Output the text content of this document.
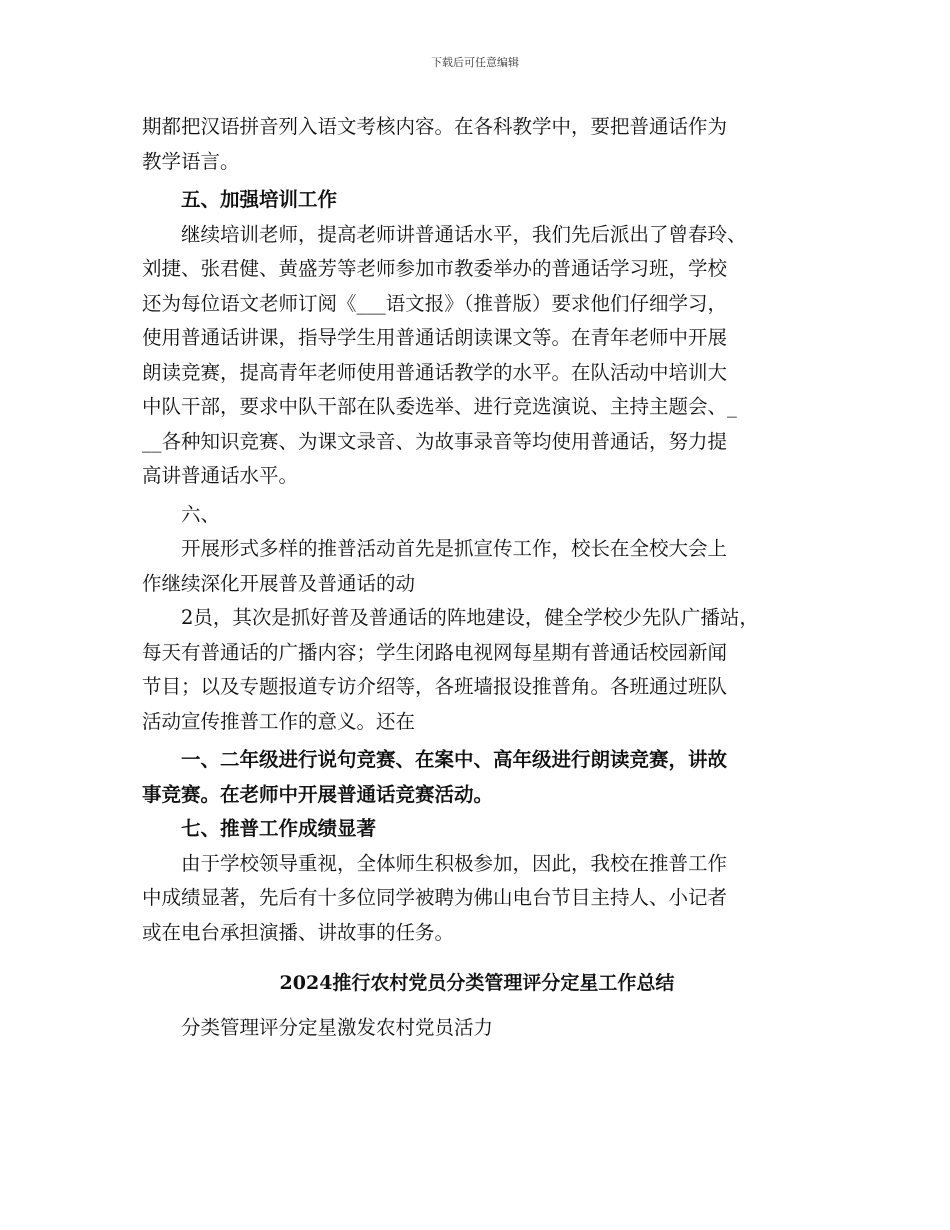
下载后可任意编辑

期都把汉语拼音列入语文考核内容。在各科教学中，要把普通话作为
教学语言。

五、加强培训工作

继续培训老师，提高老师讲普通话水平，我们先后派出了曾春玲、
刘捷、张君健、黄盛芳等老师参加市教委举办的普通话学习班，学校
还为每位语文老师订阅《___语文报》（推普版）要求他们仔细学习，
使用普通话讲课，指导学生用普通话朗读课文等。在青年老师中开展
朗读竞赛，提高青年老师使用普通话教学的水平。在队活动中培训大
中队干部，要求中队干部在队委选举、进行竞选演说、主持主题会、_
__各种知识竞赛、为课文录音、为故事录音等均使用普通话，努力提
高讲普通话水平。

六、

开展形式多样的推普活动首先是抓宣传工作，校长在全校大会上
作继续深化开展普及普通话的动

2员，其次是抓好普及普通话的阵地建设，健全学校少先队广播站，
每天有普通话的广播内容；学生闭路电视网每星期有普通话校园新闻
节目；以及专题报道专访介绍等，各班墙报设推普角。各班通过班队
活动宣传推普工作的意义。还在

一、二年级进行说句竞赛、在案中、高年级进行朗读竞赛，讲故
事竞赛。在老师中开展普通话竞赛活动。

七、推普工作成绩显著

由于学校领导重视，全体师生积极参加，因此，我校在推普工作
中成绩显著，先后有十多位同学被聘为佛山电台节目主持人、小记者
或在电台承担演播、讲故事的任务。

2024推行农村党员分类管理评分定星工作总结

分类管理评分定星激发农村党员活力
